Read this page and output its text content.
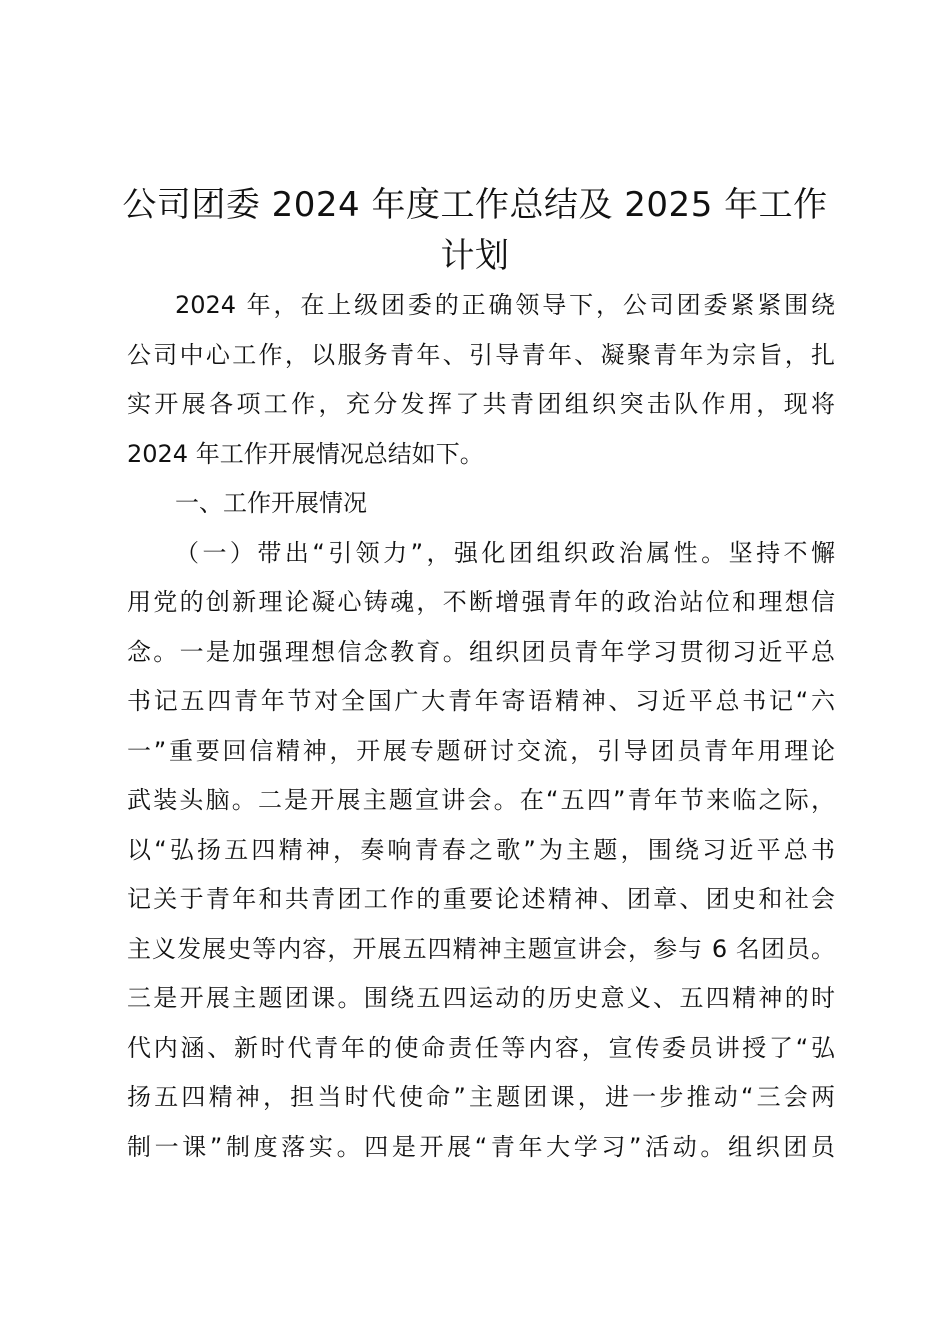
公司团委 2024 年度工作总结及 2025 年工作
计划
2024 年，在上级团委的正确领导下，公司团委紧紧围绕
公司中心工作，以服务青年、引导青年、凝聚青年为宗旨，扎
实开展各项工作，充分发挥了共青团组织突击队作用，现将
2024 年工作开展情况总结如下。
一、工作开展情况
（一）带出“引领力”，强化团组织政治属性。坚持不懈
用党的创新理论凝心铸魂，不断增强青年的政治站位和理想信
念。一是加强理想信念教育。组织团员青年学习贯彻习近平总
书记五四青年节对全国广大青年寄语精神、习近平总书记“六
一”重要回信精神，开展专题研讨交流，引导团员青年用理论
武装头脑。二是开展主题宣讲会。在“五四”青年节来临之际，
以“弘扬五四精神，奏响青春之歌”为主题，围绕习近平总书
记关于青年和共青团工作的重要论述精神、团章、团史和社会
主义发展史等内容，开展五四精神主题宣讲会，参与 6 名团员。
三是开展主题团课。围绕五四运动的历史意义、五四精神的时
代内涵、新时代青年的使命责任等内容，宣传委员讲授了“弘
扬五四精神，担当时代使命”主题团课，进一步推动“三会两
制一课”制度落实。四是开展“青年大学习”活动。组织团员
